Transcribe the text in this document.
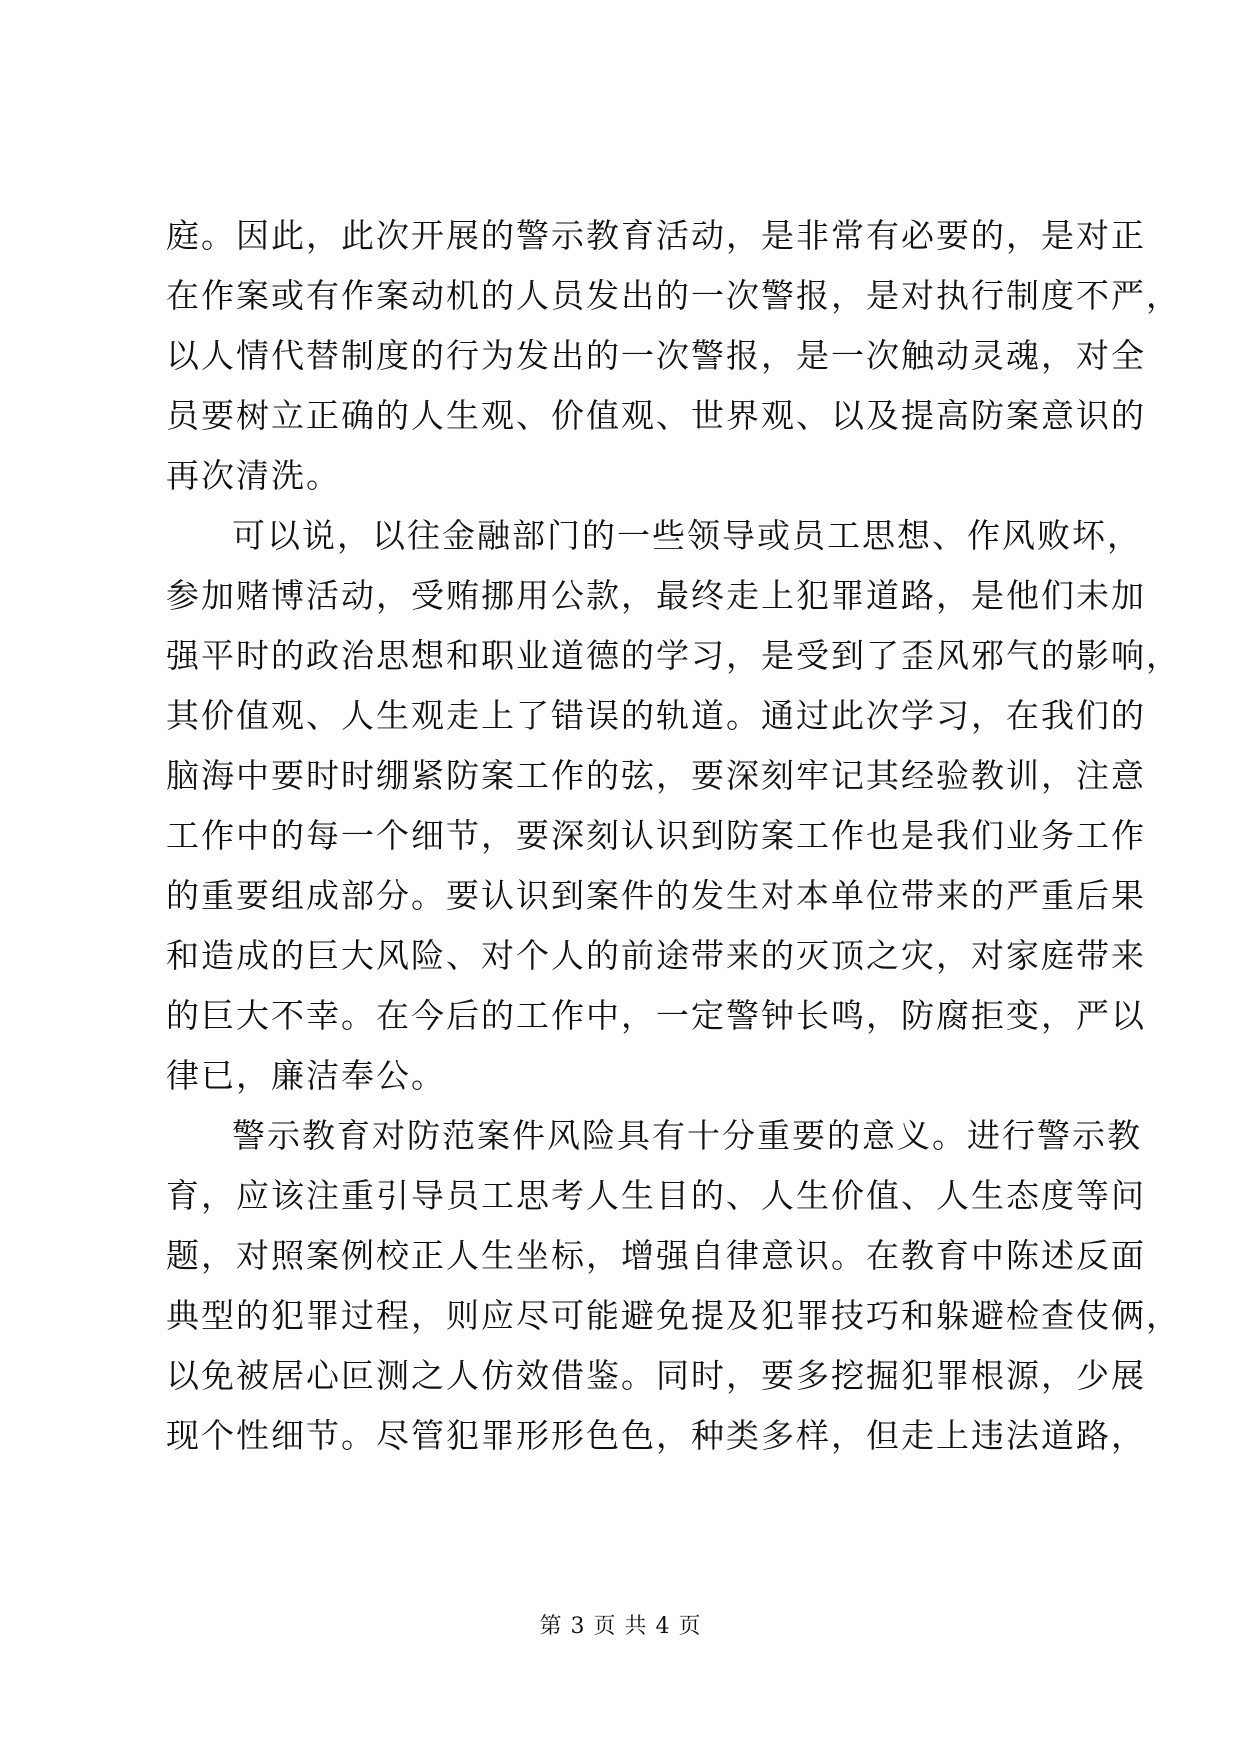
庭。因此，此次开展的警示教育活动，是非常有必要的，是对正
在作案或有作案动机的人员发出的一次警报，是对执行制度不严，
以人情代替制度的行为发出的一次警报，是一次触动灵魂，对全
员要树立正确的人生观、价值观、世界观、以及提高防案意识的
再次清洗。
可以说，以往金融部门的一些领导或员工思想、作风败坏，
参加赌博活动，受贿挪用公款，最终走上犯罪道路，是他们未加
强平时的政治思想和职业道德的学习，是受到了歪风邪气的影响，
其价值观、人生观走上了错误的轨道。通过此次学习，在我们的
脑海中要时时绷紧防案工作的弦，要深刻牢记其经验教训，注意
工作中的每一个细节，要深刻认识到防案工作也是我们业务工作
的重要组成部分。要认识到案件的发生对本单位带来的严重后果
和造成的巨大风险、对个人的前途带来的灭顶之灾，对家庭带来
的巨大不幸。在今后的工作中，一定警钟长鸣，防腐拒变，严以
律已，廉洁奉公。
警示教育对防范案件风险具有十分重要的意义。进行警示教
育，应该注重引导员工思考人生目的、人生价值、人生态度等问
题，对照案例校正人生坐标，增强自律意识。在教育中陈述反面
典型的犯罪过程，则应尽可能避免提及犯罪技巧和躲避检查伎俩，
以免被居心叵测之人仿效借鉴。同时，要多挖掘犯罪根源，少展
现个性细节。尽管犯罪形形色色，种类多样，但走上违法道路，
第 3 页 共 4 页
